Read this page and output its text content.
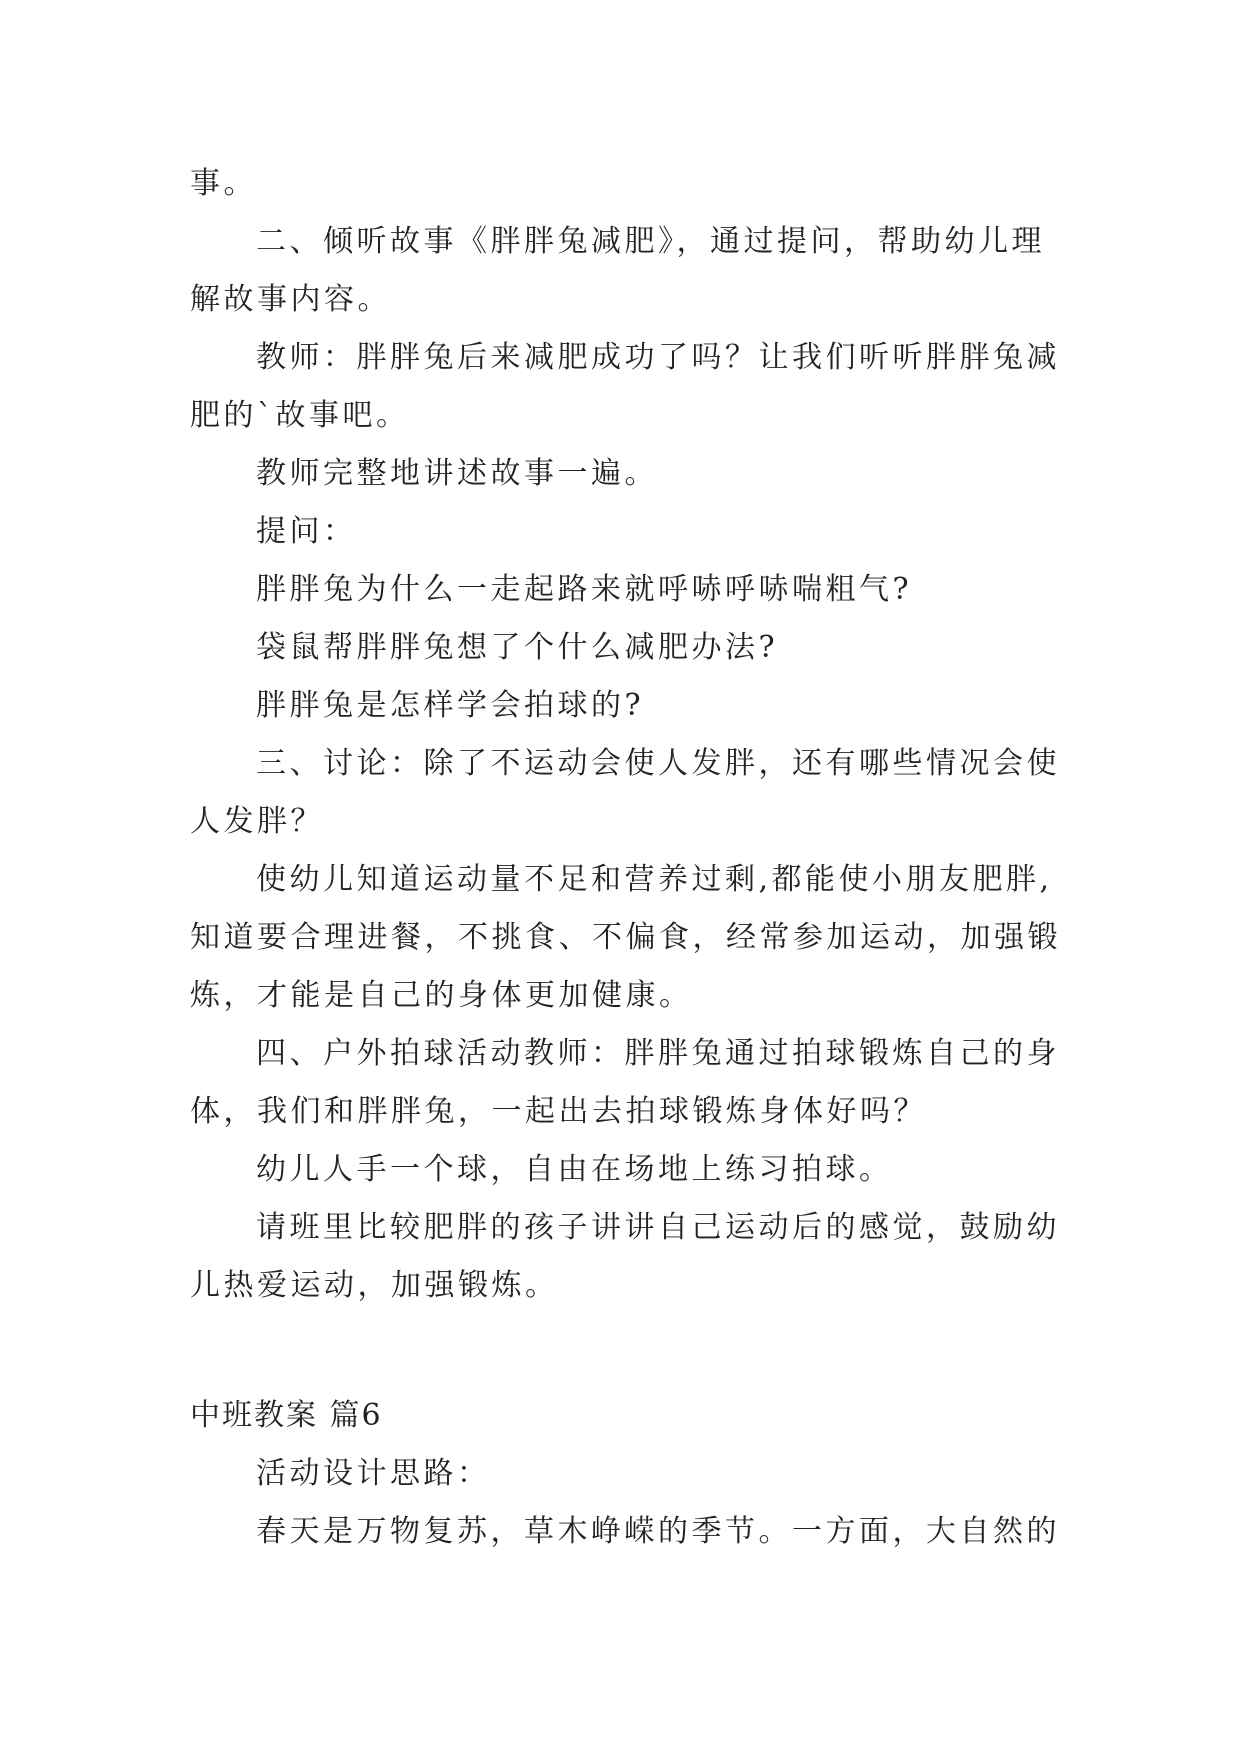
事。
二、倾听故事《胖胖兔减肥》，通过提问，帮助幼儿理
解故事内容。
教师：胖胖兔后来减肥成功了吗？让我们听听胖胖兔减
肥的`故事吧。
教师完整地讲述故事一遍。
提问：
胖胖兔为什么一走起路来就呼哧呼哧喘粗气?
袋鼠帮胖胖兔想了个什么减肥办法?
胖胖兔是怎样学会拍球的?
三、讨论：除了不运动会使人发胖，还有哪些情况会使
人发胖？
使幼儿知道运动量不足和营养过剩,都能使小朋友肥胖,
知道要合理进餐，不挑食、不偏食，经常参加运动，加强锻
炼，才能是自己的身体更加健康。
四、户外拍球活动教师：胖胖兔通过拍球锻炼自己的身
体，我们和胖胖兔，一起出去拍球锻炼身体好吗？
幼儿人手一个球，自由在场地上练习拍球。
请班里比较肥胖的孩子讲讲自己运动后的感觉，鼓励幼
儿热爱运动，加强锻炼。
中班教案 篇6
活动设计思路：
春天是万物复苏，草木峥嵘的季节。一方面，大自然的
